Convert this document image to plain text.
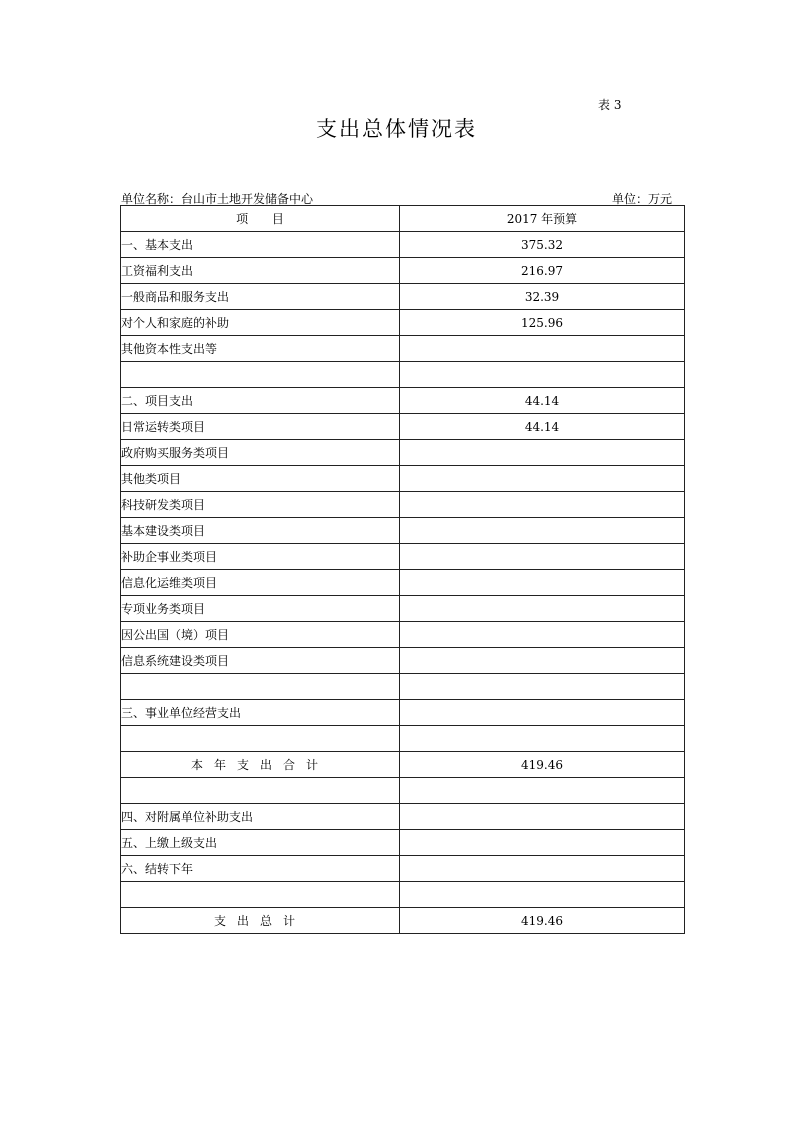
表 3
支出总体情况表
单位名称：台山市土地开发储备中心	单位：万元
项 目	2017 年预算
一、基本支出	375.32
工资福利支出	216.97
一般商品和服务支出	32.39
对个人和家庭的补助	125.96
其他资本性支出等	

二、项目支出	44.14
日常运转类项目	44.14
政府购买服务类项目	
其他类项目	
科技研发类项目	
基本建设类项目	
补助企事业类项目	
信息化运维类项目	
专项业务类项目	
因公出国（境）项目	
信息系统建设类项目	

三、事业单位经营支出	

本年支出合计	419.46

四、对附属单位补助支出	
五、上缴上级支出	
六、结转下年	

支出总计	419.46
